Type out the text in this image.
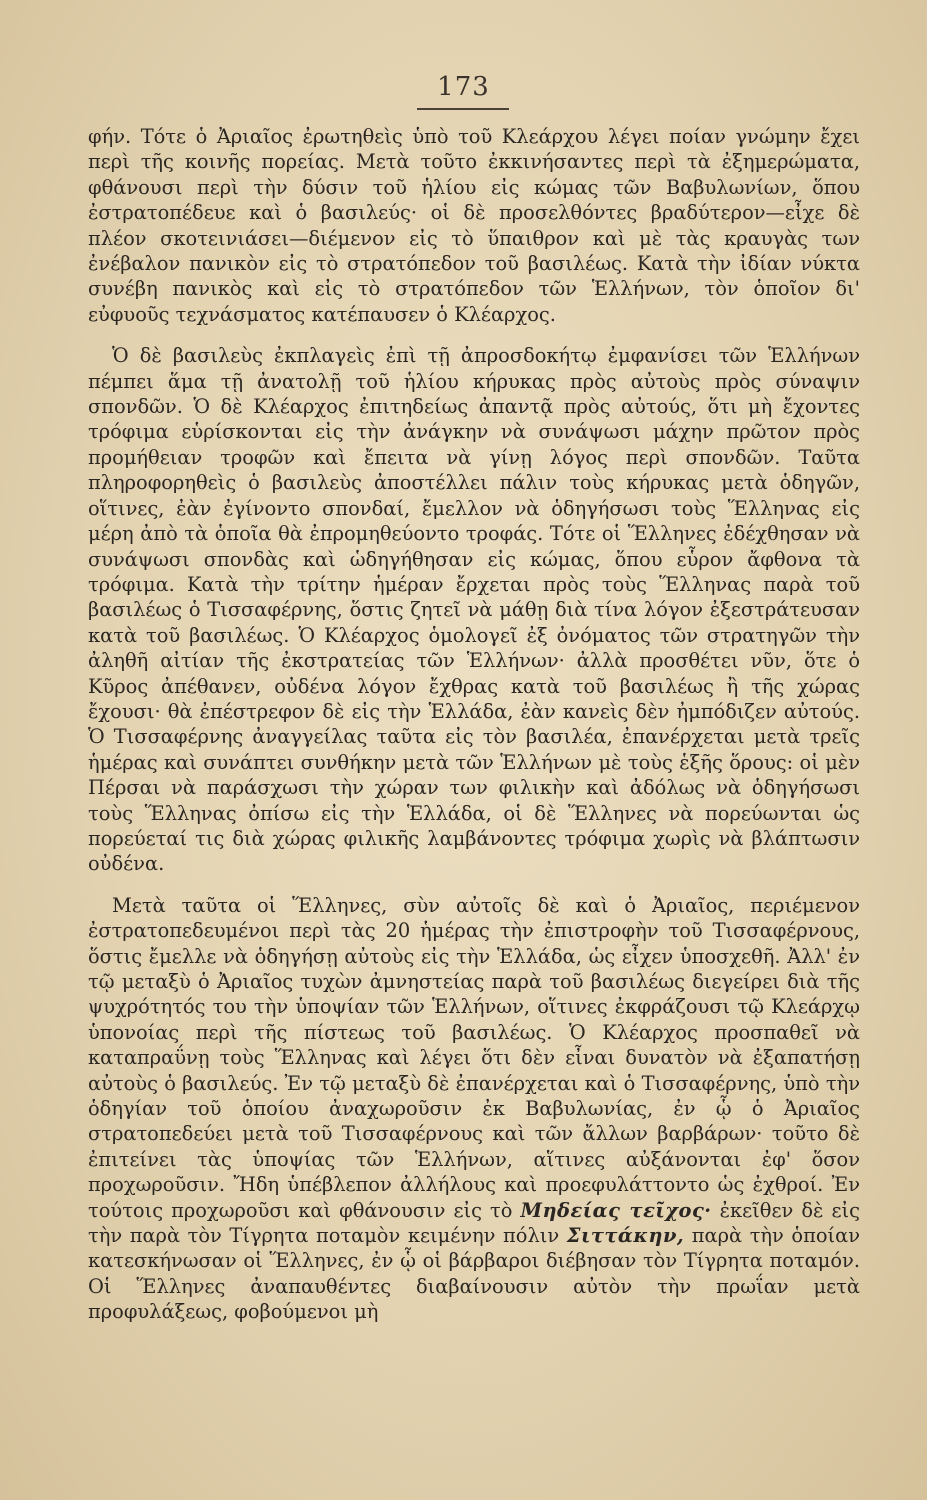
173

φήν. Τότε ὁ Ἀριαῖος ἐρωτηθεὶς ὑπὸ τοῦ Κλεάρχου λέγει ποίαν γνώμην ἔχει περὶ τῆς κοινῆς πορείας. Μετὰ τοῦτο ἐκκινήσαντες περὶ τὰ ἐξημερώματα, φθάνουσι περὶ τὴν δύσιν τοῦ ἡλίου εἰς κώμας τῶν Βαβυλωνίων, ὅπου ἐστρατοπέδευε καὶ ὁ βασιλεύς· οἱ δὲ προσελθόντες βραδύτερον—εἶχε δὲ πλέον σκοτεινιάσει—διέμενον εἰς τὸ ὕπαιθρον καὶ μὲ τὰς κραυγὰς των ἐνέβαλον πανικὸν εἰς τὸ στρατόπεδον τοῦ βασιλέως. Κατὰ τὴν ἰδίαν νύκτα συνέβη πανικὸς καὶ εἰς τὸ στρατόπεδον τῶν Ἑλλήνων, τὸν ὁποῖον δι' εὐφυοῦς τεχνάσματος κατέπαυσεν ὁ Κλέαρχος.

Ὁ δὲ βασιλεὺς ἐκπλαγεὶς ἐπὶ τῇ ἀπροσδοκήτῳ ἐμφανίσει τῶν Ἑλλήνων πέμπει ἅμα τῇ ἀνατολῇ τοῦ ἡλίου κήρυκας πρὸς αὐτοὺς πρὸς σύναψιν σπονδῶν. Ὁ δὲ Κλέαρχος ἐπιτηδείως ἀπαντᾷ πρὸς αὐτούς, ὅτι μὴ ἔχοντες τρόφιμα εὑρίσκονται εἰς τὴν ἀνάγκην νὰ συνάψωσι μάχην πρῶτον πρὸς προμήθειαν τροφῶν καὶ ἔπειτα νὰ γίνῃ λόγος περὶ σπονδῶν. Ταῦτα πληροφορηθεὶς ὁ βασιλεὺς ἀποστέλλει πάλιν τοὺς κήρυκας μετὰ ὁδηγῶν, οἵτινες, ἐὰν ἐγίνοντο σπονδαί, ἔμελλον νὰ ὁδηγήσωσι τοὺς Ἕλληνας εἰς μέρη ἀπὸ τὰ ὁποῖα θὰ ἐπρομηθεύοντο τροφάς. Τότε οἱ Ἕλληνες ἐδέχθησαν νὰ συνάψωσι σπονδὰς καὶ ὡδηγήθησαν εἰς κώμας, ὅπου εὗρον ἄφθονα τὰ τρόφιμα. Κατὰ τὴν τρίτην ἡμέραν ἔρχεται πρὸς τοὺς Ἕλληνας παρὰ τοῦ βασιλέως ὁ Τισσαφέρνης, ὅστις ζητεῖ νὰ μάθῃ διὰ τίνα λόγον ἐξεστράτευσαν κατὰ τοῦ βασιλέως. Ὁ Κλέαρχος ὁμολογεῖ ἐξ ὀνόματος τῶν στρατηγῶν τὴν ἀληθῆ αἰτίαν τῆς ἐκστρατείας τῶν Ἑλλήνων· ἀλλὰ προσθέτει νῦν, ὅτε ὁ Κῦρος ἀπέθανεν, οὐδένα λόγον ἔχθρας κατὰ τοῦ βασιλέως ἢ τῆς χώρας ἔχουσι· θὰ ἐπέστρεφον δὲ εἰς τὴν Ἑλλάδα, ἐὰν κανεὶς δὲν ἠμπόδιζεν αὐτούς. Ὁ Τισσαφέρνης ἀναγγείλας ταῦτα εἰς τὸν βασιλέα, ἐπανέρχεται μετὰ τρεῖς ἡμέρας καὶ συνάπτει συνθήκην μετὰ τῶν Ἑλλήνων μὲ τοὺς ἑξῆς ὅρους: οἱ μὲν Πέρσαι νὰ παράσχωσι τὴν χώραν των φιλικὴν καὶ ἀδόλως νὰ ὁδηγήσωσι τοὺς Ἕλληνας ὀπίσω εἰς τὴν Ἑλλάδα, οἱ δὲ Ἕλληνες νὰ πορεύωνται ὡς πορεύεταί τις διὰ χώρας φιλικῆς λαμβάνοντες τρόφιμα χωρὶς νὰ βλάπτωσιν οὐδένα.

Μετὰ ταῦτα οἱ Ἕλληνες, σὺν αὐτοῖς δὲ καὶ ὁ Ἀριαῖος, περιέμενον ἐστρατοπεδευμένοι περὶ τὰς 20 ἡμέρας τὴν ἐπιστροφὴν τοῦ Τισσαφέρνους, ὅστις ἔμελλε νὰ ὁδηγήσῃ αὐτοὺς εἰς τὴν Ἑλλάδα, ὡς εἶχεν ὑποσχεθῆ. Ἀλλ' ἐν τῷ μεταξὺ ὁ Ἀριαῖος τυχὼν ἀμνηστείας παρὰ τοῦ βασιλέως διεγείρει διὰ τῆς ψυχρότητός του τὴν ὑποψίαν τῶν Ἑλλήνων, οἵτινες ἐκφράζουσι τῷ Κλεάρχῳ ὑπονοίας περὶ τῆς πίστεως τοῦ βασιλέως. Ὁ Κλέαρχος προσπαθεῖ νὰ καταπραΰνῃ τοὺς Ἕλληνας καὶ λέγει ὅτι δὲν εἶναι δυνατὸν νὰ ἐξαπατήσῃ αὐτοὺς ὁ βασιλεύς. Ἐν τῷ μεταξὺ δὲ ἐπανέρχεται καὶ ὁ Τισσαφέρνης, ὑπὸ τὴν ὁδηγίαν τοῦ ὁποίου ἀναχωροῦσιν ἐκ Βαβυλωνίας, ἐν ᾧ ὁ Ἀριαῖος στρατοπεδεύει μετὰ τοῦ Τισσαφέρνους καὶ τῶν ἄλλων βαρβάρων· τοῦτο δὲ ἐπιτείνει τὰς ὑποψίας τῶν Ἑλλήνων, αἵτινες αὐξάνονται ἐφ' ὅσον προχωροῦσιν. Ἤδη ὑπέβλεπον ἀλλήλους καὶ προεφυλάττοντο ὡς ἐχθροί. Ἐν τούτοις προχωροῦσι καὶ φθάνουσιν εἰς τὸ Μηδείας τεῖχος· ἐκεῖθεν δὲ εἰς τὴν παρὰ τὸν Τίγρητα ποταμὸν κειμένην πόλιν Σιττάκην, παρὰ τὴν ὁποίαν κατεσκήνωσαν οἱ Ἕλληνες, ἐν ᾧ οἱ βάρβαροι διέβησαν τὸν Τίγρητα ποταμόν. Οἱ Ἕλληνες ἀναπαυθέντες διαβαίνουσιν αὐτὸν τὴν πρωΐαν μετὰ προφυλάξεως, φοβούμενοι μὴ
